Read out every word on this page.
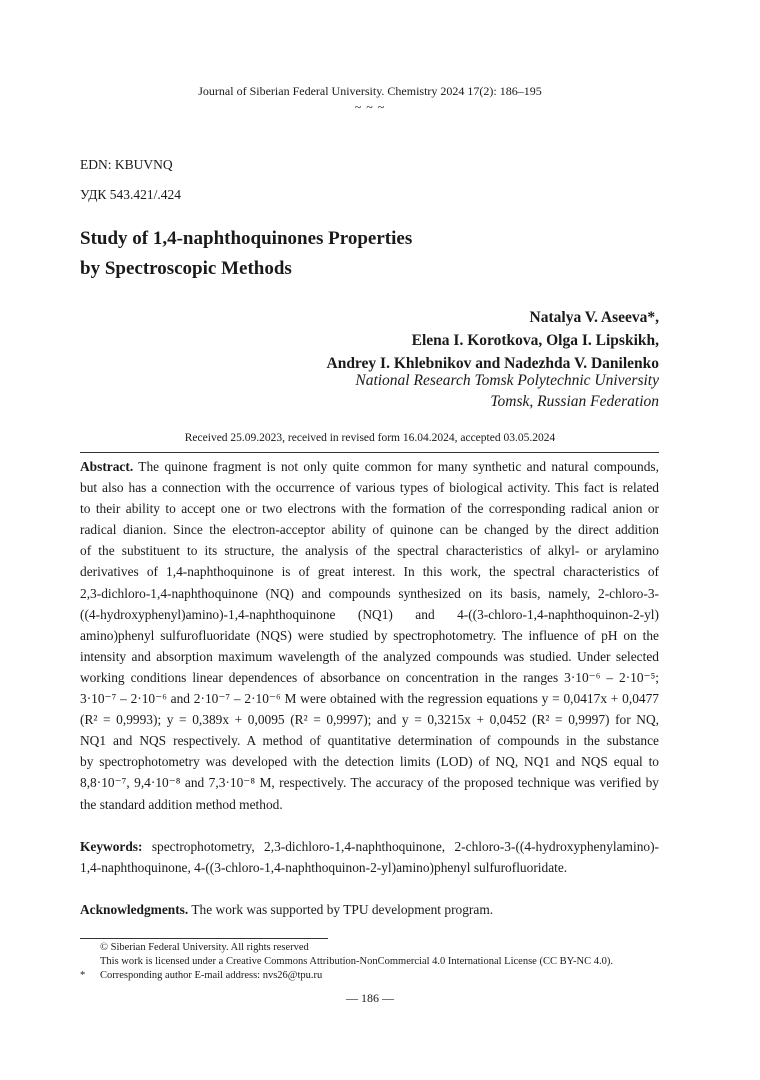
Journal of Siberian Federal University. Chemistry 2024 17(2): 186–195
~ ~ ~
EDN: KBUVNQ
УДК 543.421/.424
Study of 1,4-naphthoquinones Properties
by Spectroscopic Methods
Natalya V. Aseeva*,
Elena I. Korotkova, Olga I. Lipskikh,
Andrey I. Khlebnikov and Nadezhda V. Danilenko
National Research Tomsk Polytechnic University
Tomsk, Russian Federation
Received 25.09.2023, received in revised form 16.04.2024, accepted 03.05.2024
Abstract. The quinone fragment is not only quite common for many synthetic and natural compounds,
but also has a connection with the occurrence of various types of biological activity. This fact is related
to their ability to accept one or two electrons with the formation of the corresponding radical anion or
radical dianion. Since the electron-acceptor ability of quinone can be changed by the direct addition
of the substituent to its structure, the analysis of the spectral characteristics of alkyl- or arylamino
derivatives of 1,4-naphthoquinone is of great interest. In this work, the spectral characteristics of
2,3-dichloro-1,4-naphthoquinone (NQ) and compounds synthesized on its basis, namely, 2-chloro-3-
((4-hydroxyphenyl)amino)-1,4-naphthoquinone (NQ1) and 4-((3-chloro-1,4-naphthoquinon-2-yl)
amino)phenyl sulfurofluoridate (NQS) were studied by spectrophotometry. The influence of pH on the
intensity and absorption maximum wavelength of the analyzed compounds was studied. Under selected
working conditions linear dependences of absorbance on concentration in the ranges 3·10⁻⁶ – 2·10⁻⁵;
3·10⁻⁷ – 2·10⁻⁶ and 2·10⁻⁷ – 2·10⁻⁶ M were obtained with the regression equations y = 0,0417x + 0,0477
(R² = 0,9993); y = 0,389x + 0,0095 (R² = 0,9997); and y = 0,3215x + 0,0452 (R² = 0,9997) for NQ,
NQ1 and NQS respectively. A method of quantitative determination of compounds in the substance
by spectrophotometry was developed with the detection limits (LOD) of NQ, NQ1 and NQS equal to
8,8·10⁻⁷, 9,4·10⁻⁸ and 7,3·10⁻⁸ M, respectively. The accuracy of the proposed technique was verified by
the standard addition method method.
Keywords: spectrophotometry, 2,3-dichloro-1,4-naphthoquinone, 2-chloro-3-((4-hydroxyphenylamino)-
1,4-naphthoquinone, 4-((3-chloro-1,4-naphthoquinon-2-yl)amino)phenyl sulfurofluoridate.
Acknowledgments. The work was supported by TPU development program.
© Siberian Federal University. All rights reserved
This work is licensed under a Creative Commons Attribution-NonCommercial 4.0 International License (CC BY-NC 4.0).
* Corresponding author E-mail address: nvs26@tpu.ru
— 186 —
